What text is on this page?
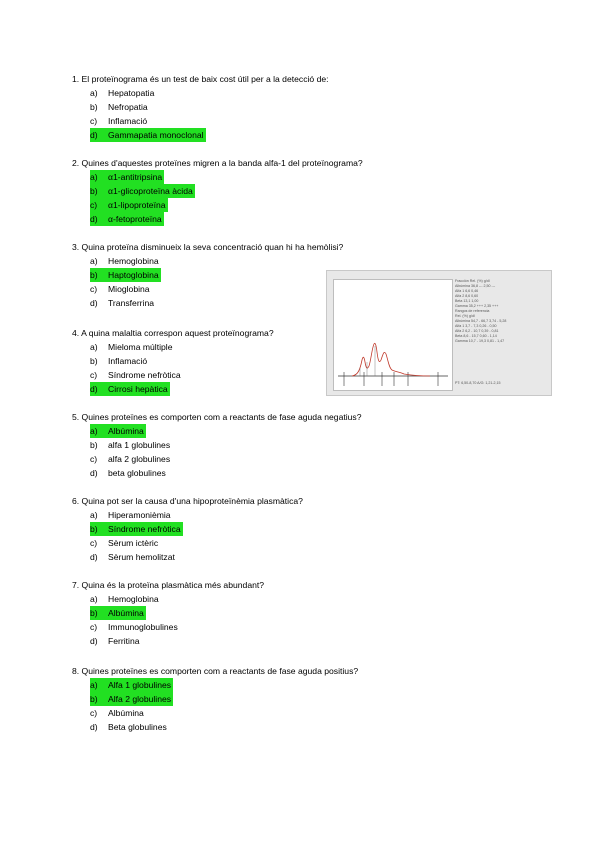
1. El proteïnograma és un test de baix cost útil per a la detecció de:
a) Hepatopatia
b) Nefropatia
c) Inflamació
d) Gammapatia monoclonal
2. Quines d'aquestes proteïnes migren a la banda alfa-1 del proteïnograma?
a) α1-antitripsina
b) α1-glicoproteïna àcida
c) α1-lipoproteïna
d) α-fetoproteïna
3. Quina proteïna disminueix la seva concentració quan hi ha hemòlisi?
a) Hemoglobina
b) Haptoglobina
c) Mioglobina
d) Transferrina
4. A quina malaltia correspon aquest proteïnograma?
a) Mieloma múltiple
b) Inflamació
c) Síndrome nefròtica
d) Cirrosi hepàtica
5. Quines proteïnes es comporten com a reactants de fase aguda negatius?
a) Albúmina
b) alfa 1 globulines
c) alfa 2 globulines
d) beta globulines
6. Quina pot ser la causa d'una hipoproteïnèmia plasmàtica?
a) Hiperamonièmia
b) Síndrome nefròtica
c) Sèrum ictèric
d) Sèrum hemolitzat
7. Quina és la proteïna plasmàtica més abundant?
a) Hemoglobina
b) Albúmina
c) Immunoglobulines
d) Ferritina
8. Quines proteïnes es comporten com a reactants de fase aguda positius?
a) Alfa 1 globulines
b) Alfa 2 globulines
c) Albúmina
d) Beta globulines
Fracción Rel. (%) g/dl
Albúmina 36,8 --- 2,50 ---
Alfa 1 6,6 0,46
Alfa 2 8,6 0,60
Beta 13,1 1,00
Gamma 35,2 +++ 2,35 +++
Rangos de referencia
Rel. (%) g/dl
Albúmina 54,7 - 66,7 3,74 - 5,28
Alfa 1 3,7 - 7,3 0,26 - 0,50
Alfa 2 6,2 - 10,7 0,39 - 0,81
Beta 8,6 - 15,7 0,60 - 1,14
Gamma 10,7 - 19,3 0,81 - 1,47
PT: 6,50-8,70 A/G: 1,21-2,15
